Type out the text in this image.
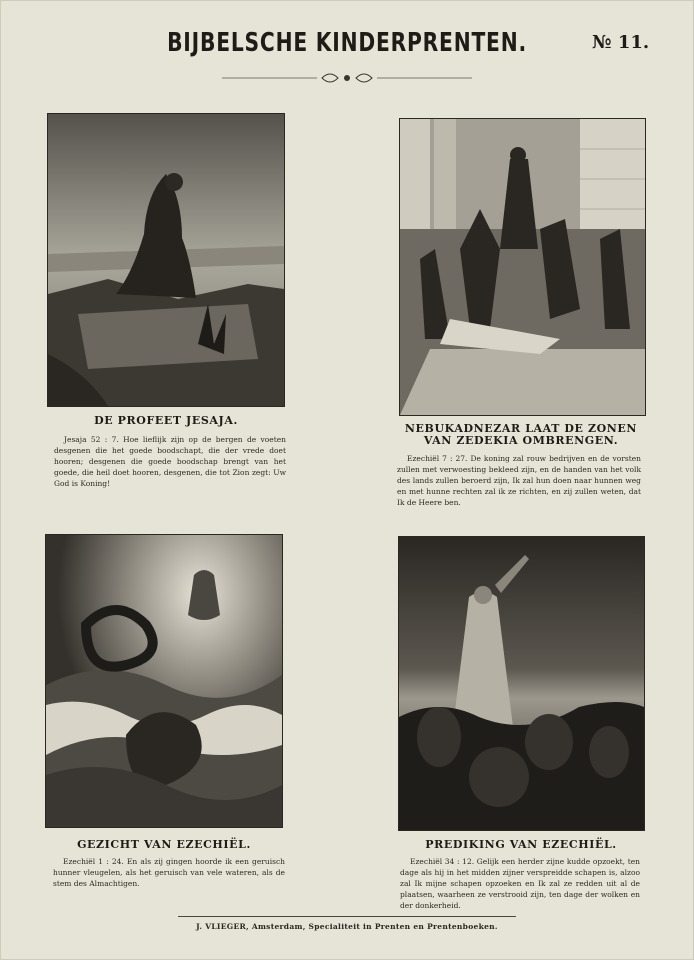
BIJBELSCHE KINDERPRENTEN.	№ 11.
DE PROFEET JESAJA.
Jesaja 52 : 7. Hoe lieflijk zijn op de bergen de voeten desgenen die het goede boodschapt, die der vrede doet hooren; desgenen die goede boodschap brengt van het goede, die heil doet hooren, desgenen, die tot Zion zegt: Uw God is Koning!
NEBUKADNEZAR LAAT DE ZONEN VAN ZEDEKIA OMBRENGEN.
Ezechiël 7 : 27. De koning zal rouw bedrijven en de vorsten zullen met verwoesting bekleed zijn, en de handen van het volk des lands zullen beroerd zijn, Ik zal hun doen naar hunnen weg en met hunne rechten zal ik ze richten, en zij zullen weten, dat Ik de Heere ben.
GEZICHT VAN EZECHIËL.
Ezechiël 1 : 24. En als zij gingen hoorde ik een geruisch hunner vleugelen, als het geruisch van vele wateren, als de stem des Almachtigen.
PREDIKING VAN EZECHIËL.
Ezechiël 34 : 12. Gelijk een herder zijne kudde opzoekt, ten dage als hij in het midden zijner verspreidde schapen is, alzoo zal Ik mijne schapen opzoeken en Ik zal ze redden uit al de plaatsen, waarheen ze verstrooid zijn, ten dage der wolken en der donkerheid.
J. VLIEGER, Amsterdam, Specialiteit in Prenten en Prentenboeken.
